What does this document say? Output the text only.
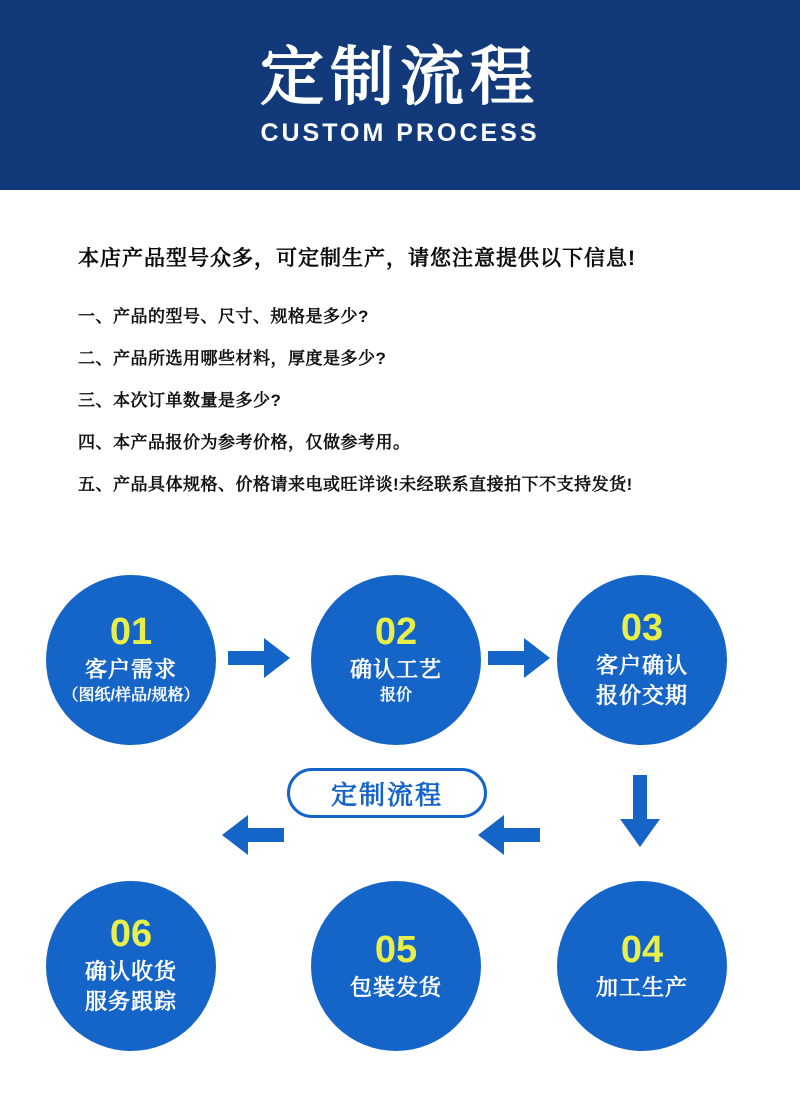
定制流程
CUSTOM PROCESS
本店产品型号众多，可定制生产，请您注意提供以下信息!
一、产品的型号、尺寸、规格是多少?
二、产品所选用哪些材料，厚度是多少?
三、本次订单数量是多少?
四、本产品报价为参考价格，仅做参考用。
五、产品具体规格、价格请来电或旺详谈!未经联系直接拍下不支持发货!
01
客户需求
（图纸/样品/规格）
02
确认工艺
报价
03
客户确认
报价交期
04
加工生产
05
包装发货
06
确认收货
服务跟踪
定制流程
